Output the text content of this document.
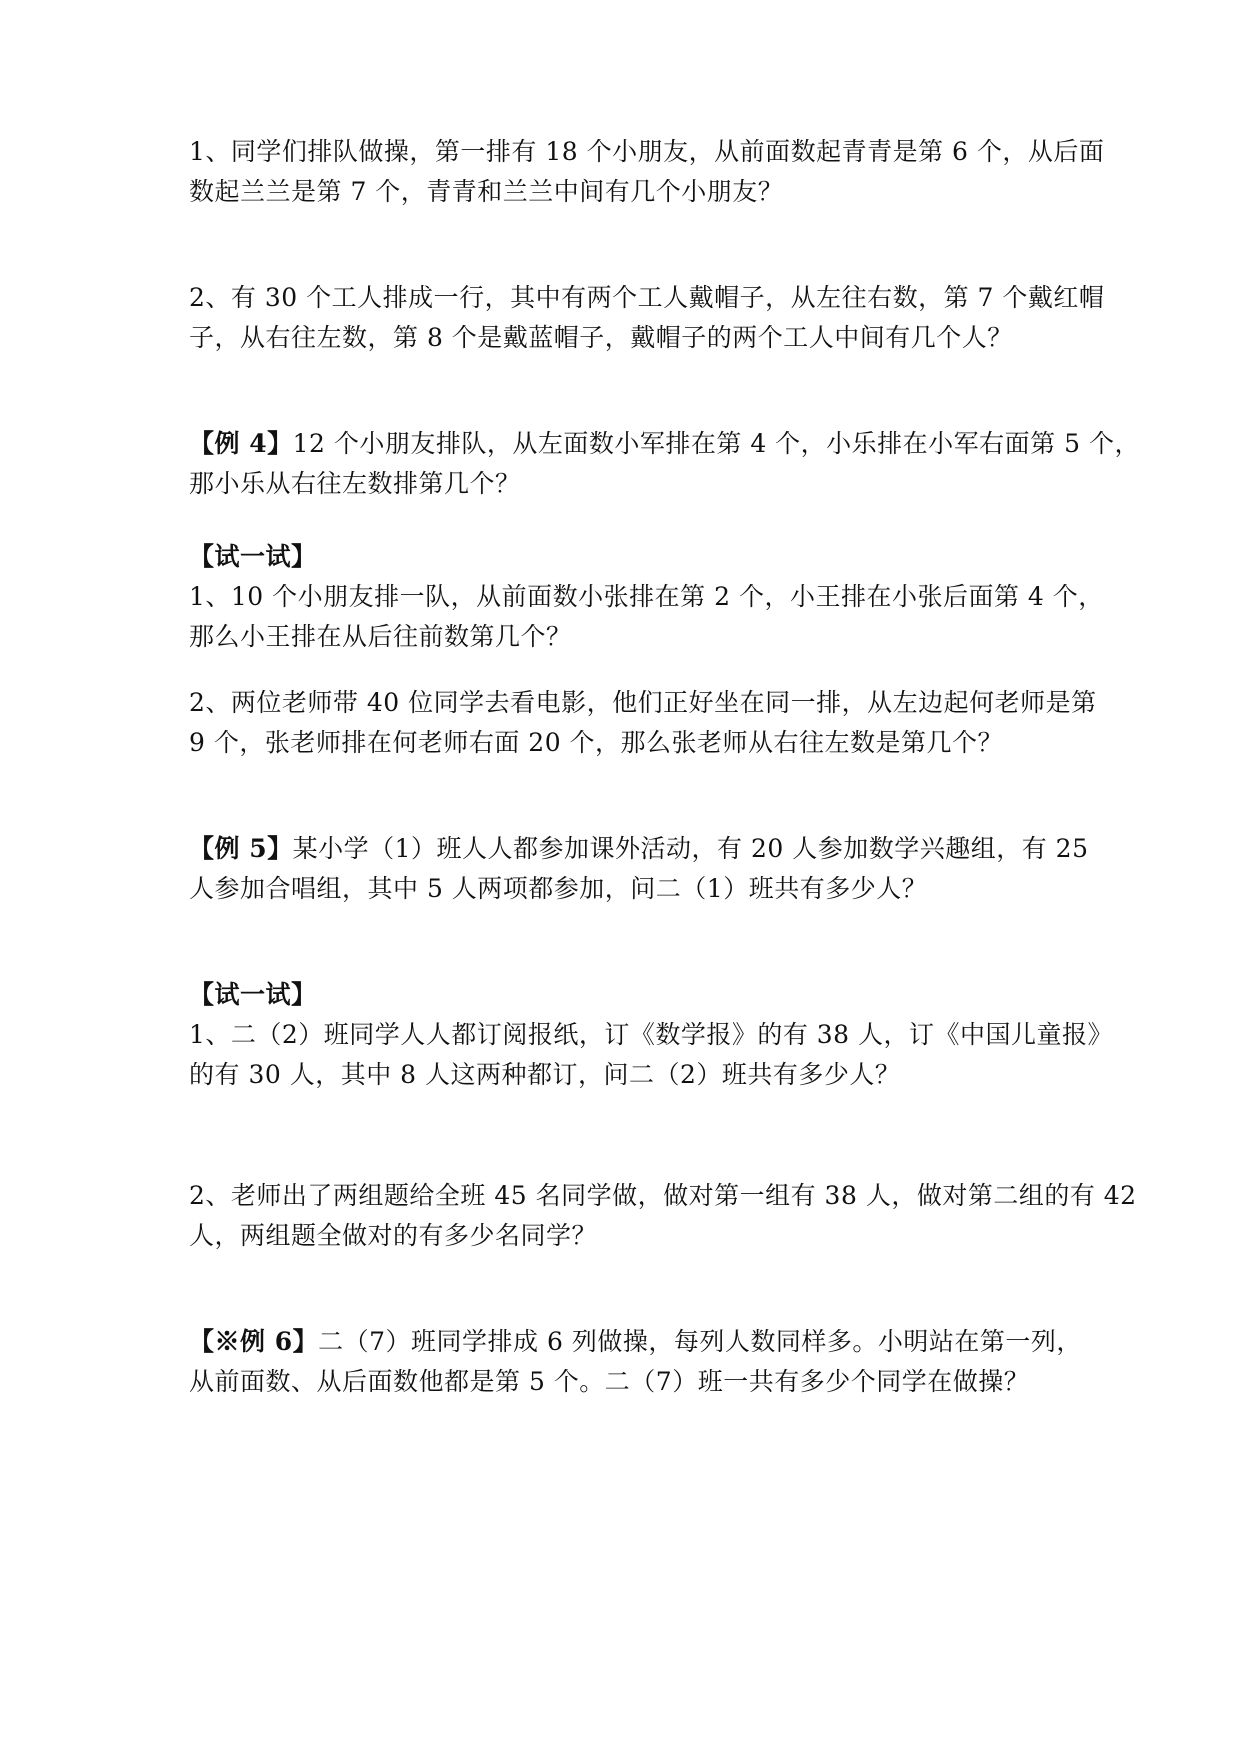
1、同学们排队做操，第一排有 18 个小朋友，从前面数起青青是第 6 个，从后面

数起兰兰是第 7 个，青青和兰兰中间有几个小朋友？

2、有 30 个工人排成一行，其中有两个工人戴帽子，从左往右数，第 7 个戴红帽

子，从右往左数，第 8 个是戴蓝帽子，戴帽子的两个工人中间有几个人？

【例 4】12 个小朋友排队，从左面数小军排在第 4 个，小乐排在小军右面第 5 个，

那小乐从右往左数排第几个？

【试一试】

1、10 个小朋友排一队，从前面数小张排在第 2 个，小王排在小张后面第 4 个，

那么小王排在从后往前数第几个？

2、两位老师带 40 位同学去看电影，他们正好坐在同一排，从左边起何老师是第

9 个，张老师排在何老师右面 20 个，那么张老师从右往左数是第几个？

【例 5】某小学（1）班人人都参加课外活动，有 20 人参加数学兴趣组，有 25

人参加合唱组，其中 5 人两项都参加，问二（1）班共有多少人？

【试一试】

1、二（2）班同学人人都订阅报纸，订《数学报》的有 38 人，订《中国儿童报》

的有 30 人，其中 8 人这两种都订，问二（2）班共有多少人？

2、老师出了两组题给全班 45 名同学做，做对第一组有 38 人，做对第二组的有 42

人，两组题全做对的有多少名同学？

【※例 6】二（7）班同学排成 6 列做操，每列人数同样多。小明站在第一列，

从前面数、从后面数他都是第 5 个。二（7）班一共有多少个同学在做操？
